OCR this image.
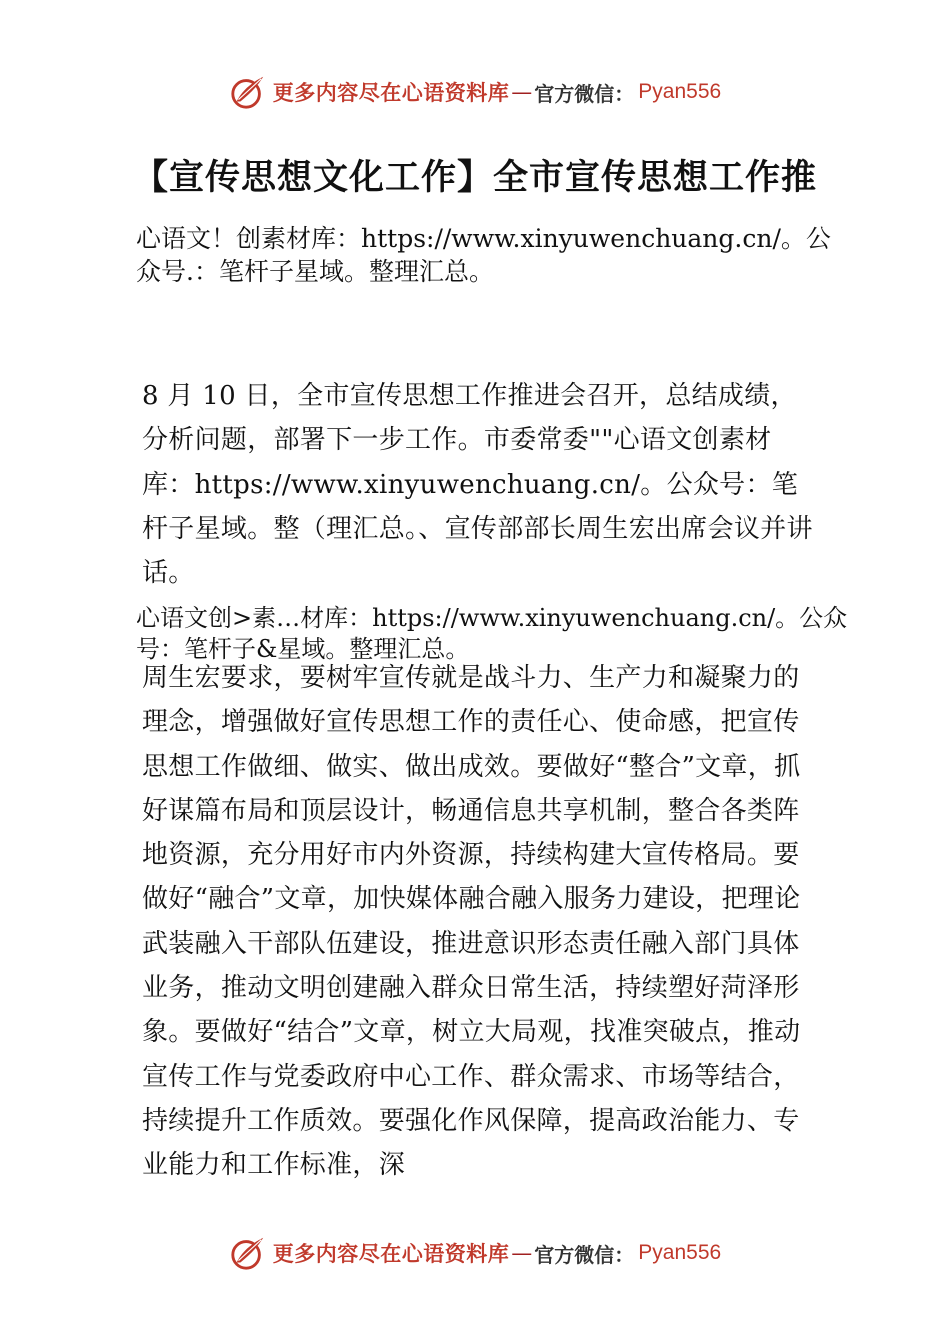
更多内容尽在心语资料库 — 官方微信： Pyan556
【宣传思想文化工作】全市宣传思想工作推
心语文！创素材库：https://www.xinyuwenchuang.cn/。公众号.：笔杆子星域。整理汇总。
8 月 10 日，全市宣传思想工作推进会召开，总结成绩， 分析问题，部署下一步工作。市委常委""心语文创素材库：https://www.xinyuwenchuang.cn/。公众号：笔杆子星域。整（理汇总。、宣传部部长周生宏出席会议并讲话。
心语文创>素…材库：https://www.xinyuwenchuang.cn/。公众号：笔杆子&星域。整理汇总。
周生宏要求，要树牢宣传就是战斗力、生产力和凝聚力的理念，增强做好宣传思想工作的责任心、使命感，把宣传思想工作做细、做实、做出成效。要做好“整合”文章，抓好谋篇布局和顶层设计，畅通信息共享机制，整合各类阵地资源，充分用好市内外资源，持续构建大宣传格局。要做好“融合”文章，加快媒体融合融入服务力建设，把理论武装融入干部队伍建设，推进意识形态责任融入部门具体业务，推动文明创建融入群众日常生活，持续塑好菏泽形象。要做好“结合”文章，树立大局观，找准突破点，推动宣传工作与党委政府中心工作、群众需求、市场等结合，持续提升工作质效。要强化作风保障，提高政治能力、专业能力和工作标准，深
更多内容尽在心语资料库 — 官方微信： Pyan556
